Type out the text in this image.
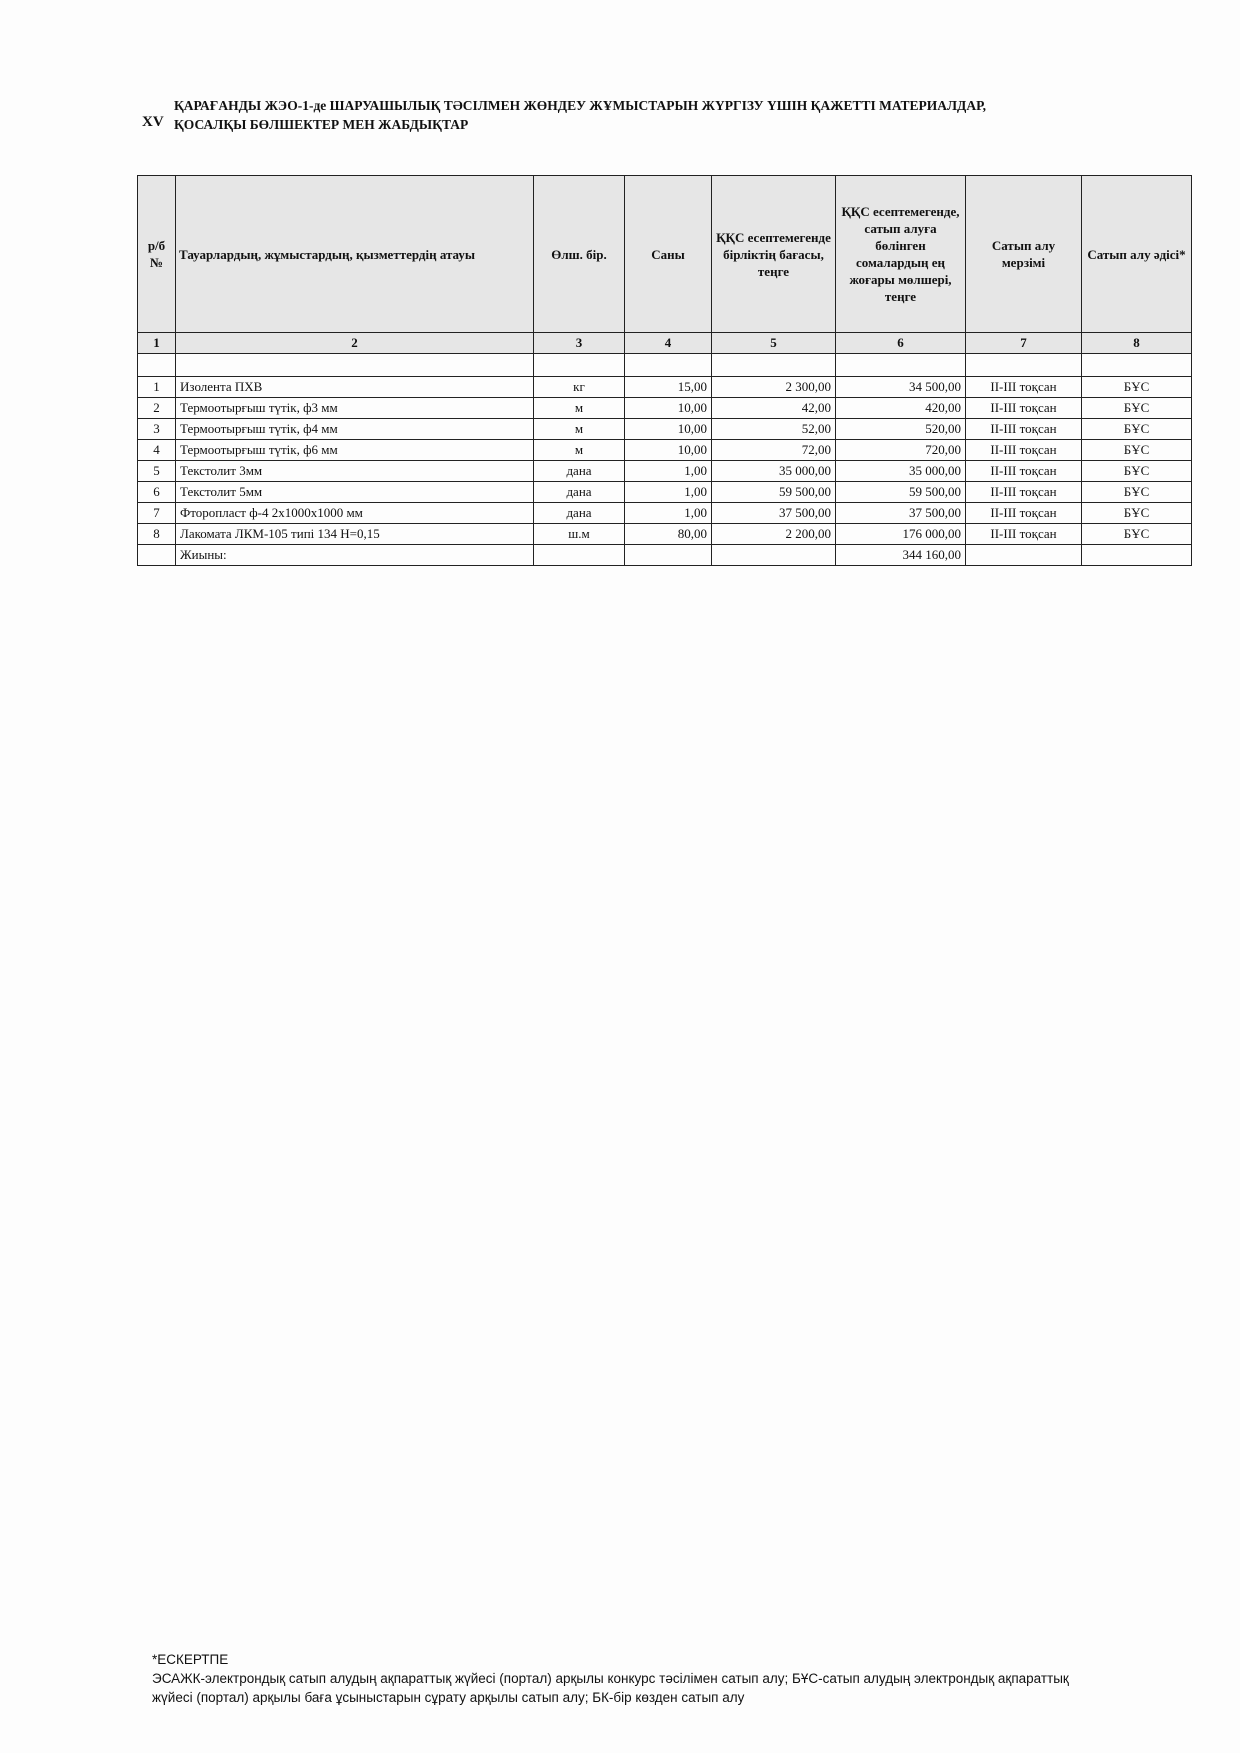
XV
ҚАРАҒАНДЫ ЖЭО-1-де ШАРУАШЫЛЫҚ ТӘСІЛМЕН ЖӨНДЕУ ЖҰМЫСТАРЫН ЖҮРГІЗУ ҮШІН ҚАЖЕТТІ МАТЕРИАЛДАР,
ҚОСАЛҚЫ БӨЛШЕКТЕР МЕН ЖАБДЫҚТАР
р/б №	Тауарлардың, жұмыстардың, қызметтердің атауы	Өлш. бір.	Саны	ҚҚС есептемегенде бірліктің бағасы, теңге	ҚҚС есептемегенде, сатып алуға бөлінген сомалардың ең жоғары мөлшері, теңге	Сатып алу мерзімі	Сатып алу әдісі*
1	2	3	4	5	6	7	8

1	Изолента ПХВ	кг	15,00	2 300,00	34 500,00	II-III тоқсан	БҰС
2	Термоотырғыш түтік, ф3 мм	м	10,00	42,00	420,00	II-III тоқсан	БҰС
3	Термоотырғыш түтік, ф4 мм	м	10,00	52,00	520,00	II-III тоқсан	БҰС
4	Термоотырғыш түтік, ф6 мм	м	10,00	72,00	720,00	II-III тоқсан	БҰС
5	Текстолит 3мм	дана	1,00	35 000,00	35 000,00	II-III тоқсан	БҰС
6	Текстолит 5мм	дана	1,00	59 500,00	59 500,00	II-III тоқсан	БҰС
7	Фторопласт ф-4 2х1000х1000 мм	дана	1,00	37 500,00	37 500,00	II-III тоқсан	БҰС
8	Лакомата ЛКМ-105 типі 134 Н=0,15	ш.м	80,00	2 200,00	176 000,00	II-III тоқсан	БҰС
	Жиыны:				344 160,00		
*ЕСКЕРТПЕ
ЭСАЖК-электрондық сатып алудың ақпараттық жүйесі (портал) арқылы конкурс тәсілімен сатып алу; БҰС-сатып алудың электрондық ақпараттық
жүйесі (портал) арқылы баға ұсыныстарын сұрату арқылы сатып алу; БК-бір көзден сатып алу
